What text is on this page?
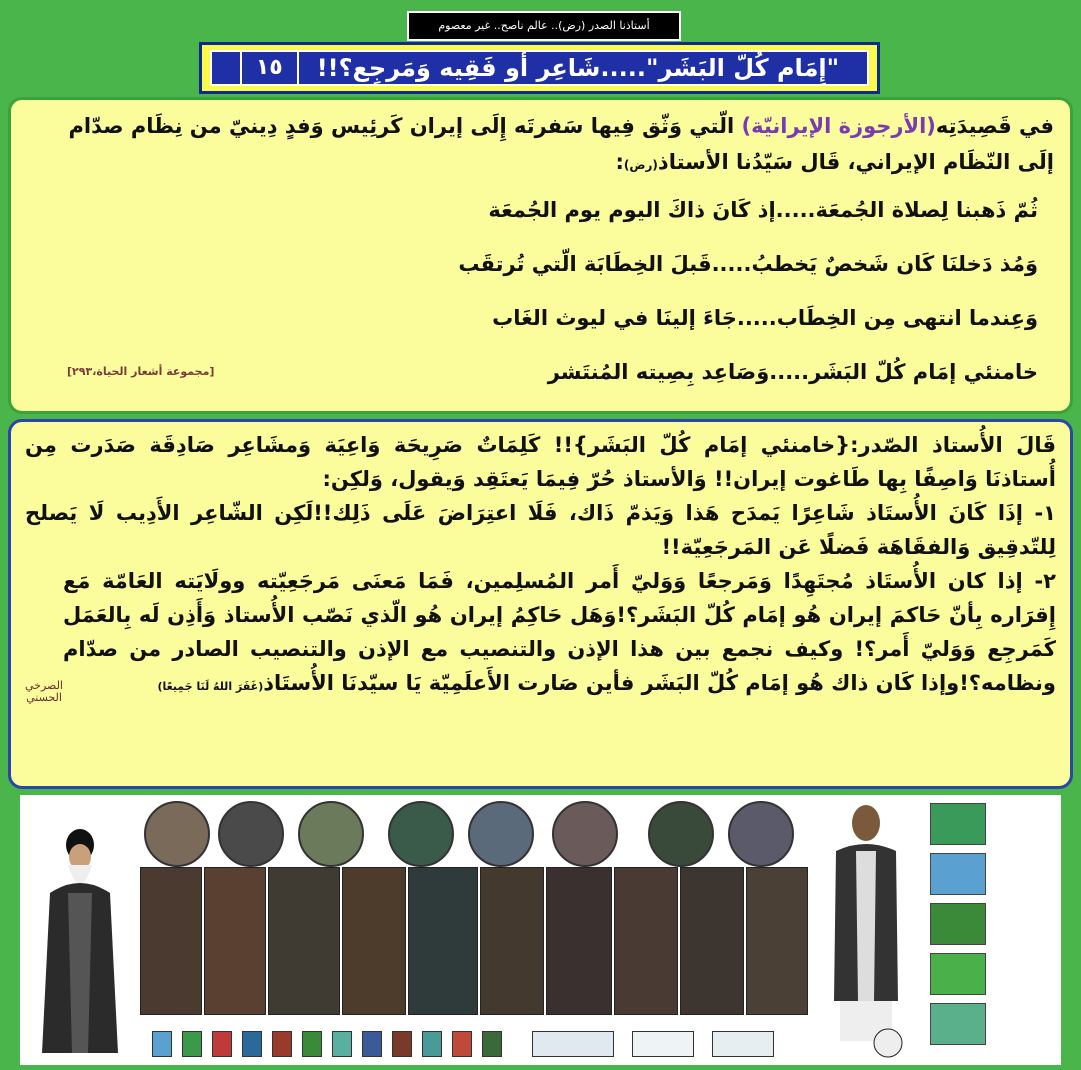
أستاذنا الصدر (رض).. عالم ناصح.. غير معصوم
١٥	"إِمَام كُلّ البَشَر".....شَاعِر أو فَقِيه وَمَرجِع؟!!
في قَصِيدَتِه(الأرجوزة الإيرانيّة) الّتي وَثّق فِيها سَفرتَه إِلَى إيران كَرئِيس وَفدٍ دِينيّ من نِظَام صدّام إلَى النّظَام الإيراني، قَال سَيّدُنا الأستاذ(رض):
ثُمّ ذَهبنا لِصلاة الجُمعَة.....إذ كَانَ ذاكَ اليوم يوم الجُمعَة
وَمُذ دَخلنَا كَان شَخصٌ يَخطبُ.....قَبلَ الخِطَابَة الّتي تُرتقَب
وَعِندما انتهى مِن الخِطَاب.....جَاءَ إلينَا في ليوث الغَاب
خامنئي إمَام كُلّ البَشَر.....وَصَاعِد بِصِيته المُنتَشر
[مجموعة أشعار الحياة،٢٩٣]
قَالَ الأُستاذ الصّدر:{خامنئي إمَام كُلّ البَشَر}!! كَلِمَاتٌ صَرِيحَة وَاعِيَة وَمشَاعِر صَادِقَة صَدَرت مِن أُستاذنَا وَاصِفًا بِها طَاغوت إيران!! وَالأستاذ حُرّ فِيمَا يَعتَقِد وَيقول، وَلكِن:
١- إذَا كَانَ الأُستَاذ شَاعِرًا يَمدَح هَذا وَيَذمّ ذَاك، فَلَا اعتِرَاضَ عَلَى ذَلِك!!لَكِن الشّاعِر الأَدِيب لَا يَصلح لِلتّدقِيق وَالفقَاهَة فَضلًا عَن المَرجَعِيّة!!
٢- إذا كان الأُستَاذ مُجتَهِدًا وَمَرجعًا وَوَليّ أَمر المُسلِمين، فَمَا مَعنَى مَرجَعِيّته وولَايَته العَامّة مَع إِقرَاره بِأنّ حَاكمَ إيران هُو إمَام كُلّ البَشَر؟!وَهَل حَاكِمُ إيران هُو الّذي نَصّب الأُستاذ وَأَذِن لَه بِالعَمَل كَمَرجِع وَوَليّ أَمر؟! وكيف نجمع بين هذا الإذن والتنصيب مع الإذن والتنصيب الصادر من صدّام ونظامه؟!وإذا كَان ذاك هُو إمَام كُلّ البَشَر فأين صَارت الأَعلَمِيّة يَا سيّدنَا الأُستَاذ(غَفَرَ اللهُ لَنَا جَمِيعًا)
الصرخي
الحسني
